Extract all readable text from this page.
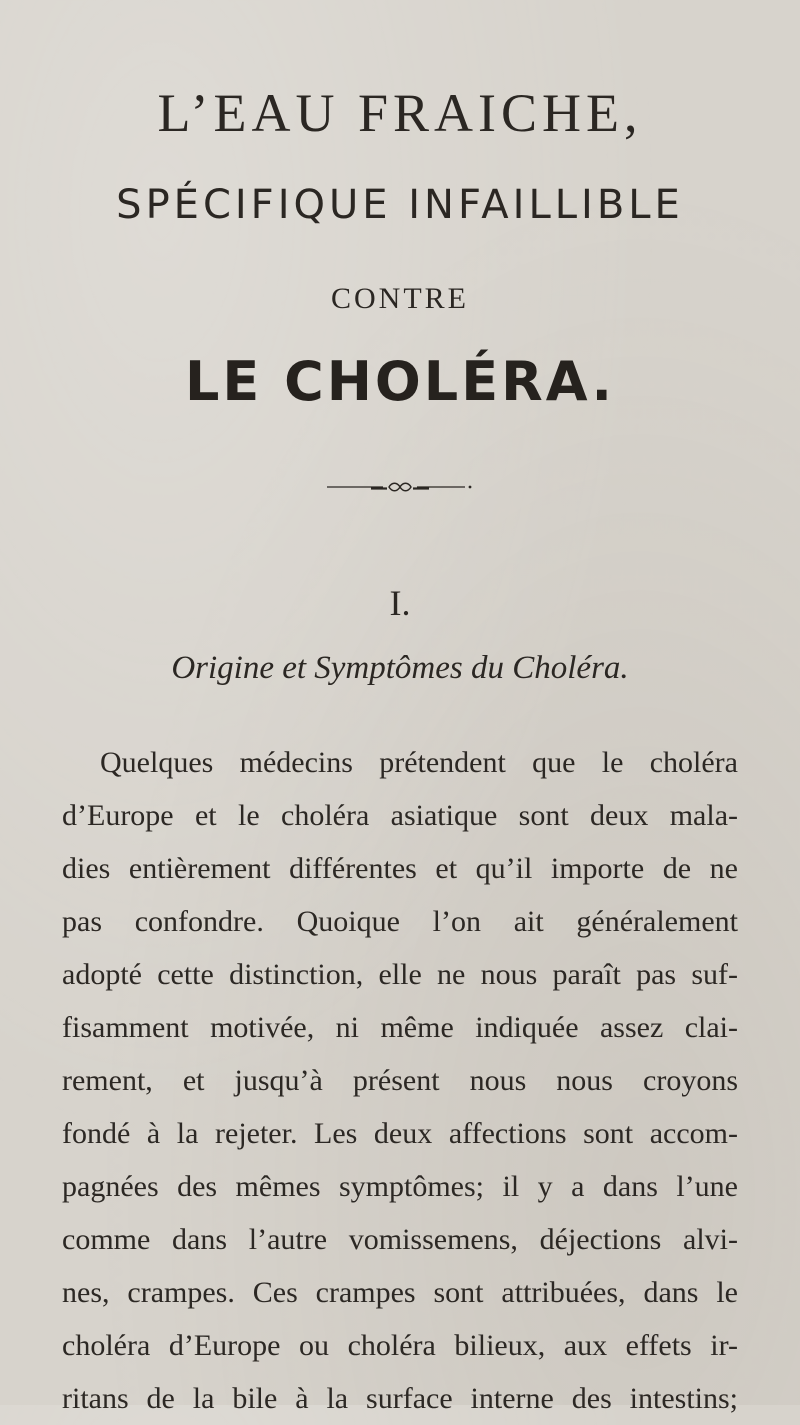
L’EAU FRAICHE,
SPÉCIFIQUE INFAILLIBLE
CONTRE
LE CHOLÉRA.
I.
Origine et Symptômes du Choléra.
Quelques médecins prétendent que le choléra
d’Europe et le choléra asiatique sont deux mala-
dies entièrement différentes et qu’il importe de ne
pas confondre. Quoique l’on ait généralement
adopté cette distinction, elle ne nous paraît pas suf-
fisamment motivée, ni même indiquée assez clai-
rement, et jusqu’à présent nous nous croyons
fondé à la rejeter. Les deux affections sont accom-
pagnées des mêmes symptômes; il y a dans l’une
comme dans l’autre vomissemens, déjections alvi-
nes, crampes. Ces crampes sont attribuées, dans le
choléra d’Europe ou choléra bilieux, aux effets ir-
ritans de la bile à la surface interne des intestins;
